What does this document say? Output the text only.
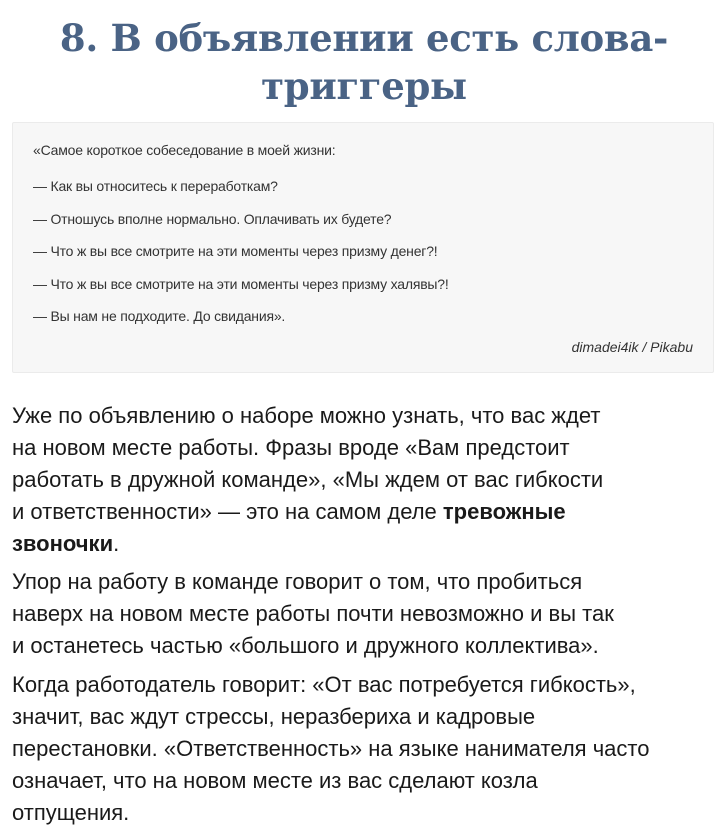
8. В объявлении есть слова-
триггеры
«Самое короткое собеседование в моей жизни:
— Как вы относитесь к переработкам?
— Отношусь вполне нормально. Оплачивать их будете?
— Что ж вы все смотрите на эти моменты через призму денег?!
— Что ж вы все смотрите на эти моменты через призму халявы?!
— Вы нам не подходите. До свидания».
dimadei4ik / Pikabu

Уже по объявлению о наборе можно узнать, что вас ждет
на новом месте работы. Фразы вроде «Вам предстоит
работать в дружной команде», «Мы ждем от вас гибкости
и ответственности» — это на самом деле тревожные
звоночки.

Упор на работу в команде говорит о том, что пробиться
наверх на новом месте работы почти невозможно и вы так
и останетесь частью «большого и дружного коллектива».

Когда работодатель говорит: «От вас потребуется гибкость»,
значит, вас ждут стрессы, неразбериха и кадровые
перестановки. «Ответственность» на языке нанимателя часто
означает, что на новом месте из вас сделают козла
отпущения.
